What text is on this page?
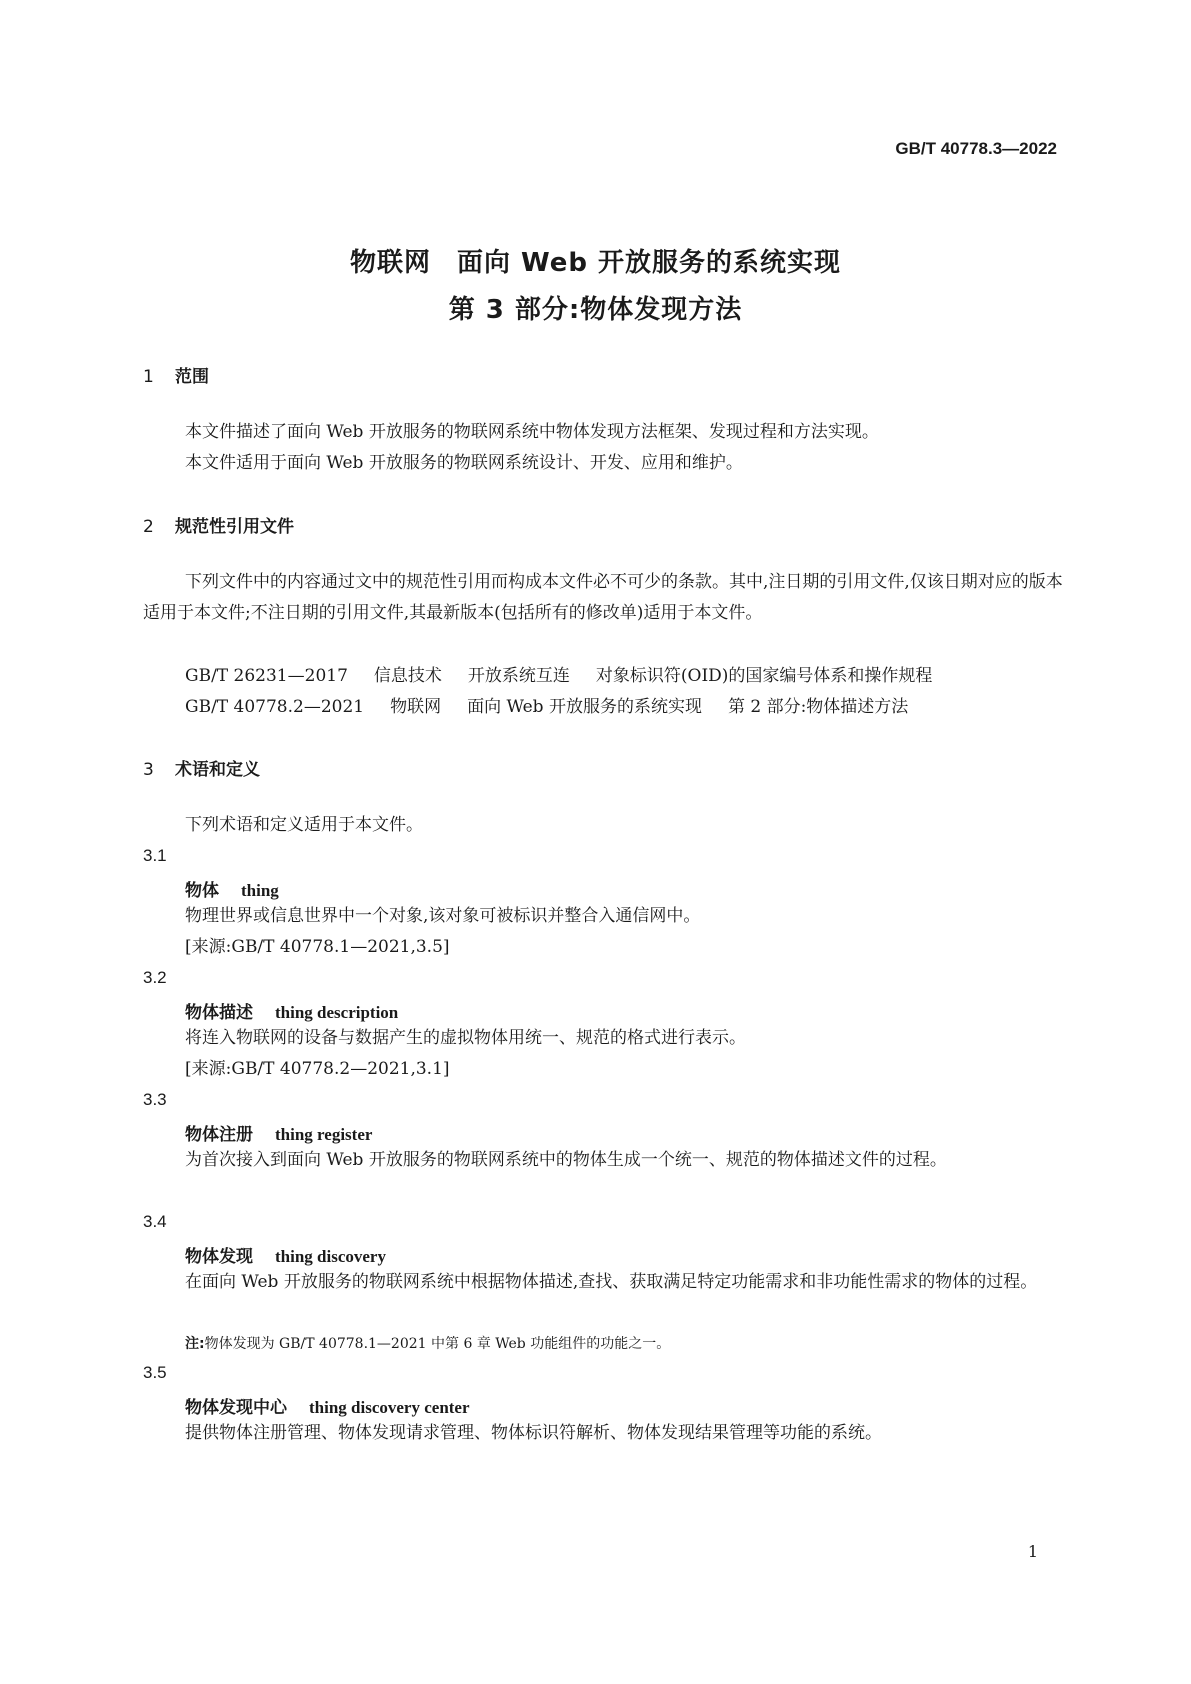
GB/T 40778.3—2022
物联网 面向 Web 开放服务的系统实现
第 3 部分:物体发现方法
1 范围
本文件描述了面向 Web 开放服务的物联网系统中物体发现方法框架、发现过程和方法实现。
本文件适用于面向 Web 开放服务的物联网系统设计、开发、应用和维护。
2 规范性引用文件
下列文件中的内容通过文中的规范性引用而构成本文件必不可少的条款。其中,注日期的引用文件,仅该日期对应的版本适用于本文件;不注日期的引用文件,其最新版本(包括所有的修改单)适用于本文件。
GB/T 26231—2017 信息技术 开放系统互连 对象标识符(OID)的国家编号体系和操作规程
GB/T 40778.2—2021 物联网 面向 Web 开放服务的系统实现 第 2 部分:物体描述方法
3 术语和定义
下列术语和定义适用于本文件。
3.1
物体 thing
物理世界或信息世界中一个对象,该对象可被标识并整合入通信网中。
[来源:GB/T 40778.1—2021,3.5]
3.2
物体描述 thing description
将连入物联网的设备与数据产生的虚拟物体用统一、规范的格式进行表示。
[来源:GB/T 40778.2—2021,3.1]
3.3
物体注册 thing register
为首次接入到面向 Web 开放服务的物联网系统中的物体生成一个统一、规范的物体描述文件的过程。
3.4
物体发现 thing discovery
在面向 Web 开放服务的物联网系统中根据物体描述,查找、获取满足特定功能需求和非功能性需求的物体的过程。
注:物体发现为 GB/T 40778.1—2021 中第 6 章 Web 功能组件的功能之一。
3.5
物体发现中心 thing discovery center
提供物体注册管理、物体发现请求管理、物体标识符解析、物体发现结果管理等功能的系统。
1
